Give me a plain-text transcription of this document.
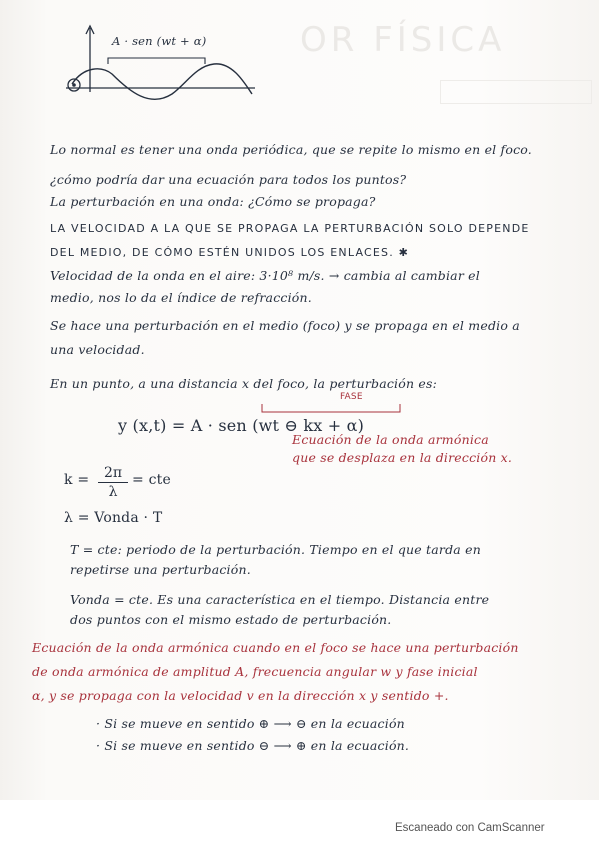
OR FÍSICA
A · sen (wt + α)
Lo normal es tener una onda periódica, que se repite lo mismo en el foco.
¿cómo podría dar una ecuación para todos los puntos?
La perturbación en una onda: ¿Cómo se propaga?
LA VELOCIDAD A LA QUE SE PROPAGA LA PERTURBACIÓN SOLO DEPENDE
DEL MEDIO, DE CÓMO ESTÉN UNIDOS LOS ENLACES. ✱
Velocidad de la onda en el aire: 3·10⁸ m/s. → cambia al cambiar el
medio, nos lo da el índice de refracción.
Se hace una perturbación en el medio (foco) y se propaga en el medio a
una velocidad.
En un punto, a una distancia x del foco, la perturbación es:
FASE
y (x,t) = A · sen (wt ⊖ kx + α)
Ecuación de la onda armónica
que se desplaza en la dirección x.
$k = \frac{2\pi}{\lambda}$ = cte
λ = Vonda · T
T = cte: periodo de la perturbación. Tiempo en el que tarda en
repetirse una perturbación.
Vonda = cte. Es una característica en el tiempo. Distancia entre
dos puntos con el mismo estado de perturbación.
Ecuación de la onda armónica cuando en el foco se hace una perturbación
de onda armónica de amplitud A, frecuencia angular w y fase inicial
α, y se propaga con la velocidad v en la dirección x y sentido +.
· Si se mueve en sentido ⊕ ⟶ ⊖ en la ecuación
· Si se mueve en sentido ⊖ ⟶ ⊕ en la ecuación.
Escaneado con CamScanner
